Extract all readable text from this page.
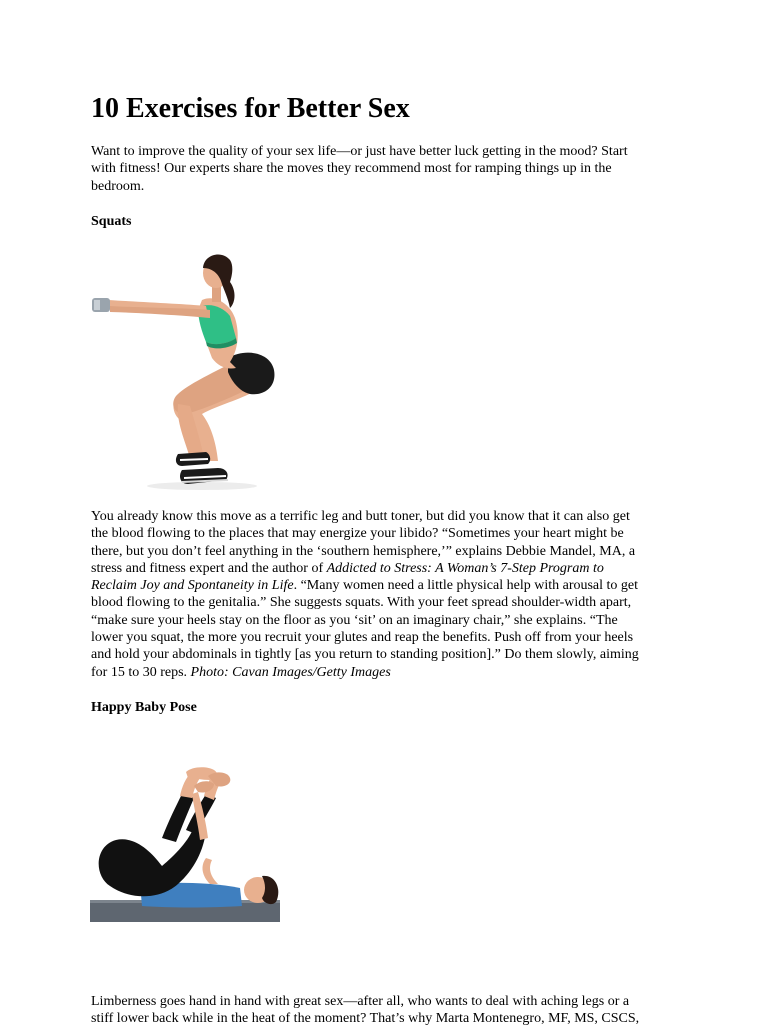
10 Exercises for Better Sex

Want to improve the quality of your sex life—or just have better luck getting in the mood? Start
with fitness! Our experts share the moves they recommend most for ramping things up in the
bedroom.

Squats

You already know this move as a terrific leg and butt toner, but did you know that it can also get
the blood flowing to the places that may energize your libido? “Sometimes your heart might be
there, but you don’t feel anything in the ‘southern hemisphere,’” explains Debbie Mandel, MA, a
stress and fitness expert and the author of Addicted to Stress: A Woman’s 7-Step Program to
Reclaim Joy and Spontaneity in Life. “Many women need a little physical help with arousal to get
blood flowing to the genitalia.” She suggests squats. With your feet spread shoulder-width apart,
“make sure your heels stay on the floor as you ‘sit’ on an imaginary chair,” she explains. “The
lower you squat, the more you recruit your glutes and reap the benefits. Push off from your heels
and hold your abdominals in tightly [as you return to standing position].” Do them slowly, aiming
for 15 to 30 reps. Photo: Cavan Images/Getty Images

Happy Baby Pose

Limberness goes hand in hand with great sex—after all, who wants to deal with aching legs or a
stiff lower back while in the heat of the moment? That’s why Marta Montenegro, MF, MS, CSCS,
